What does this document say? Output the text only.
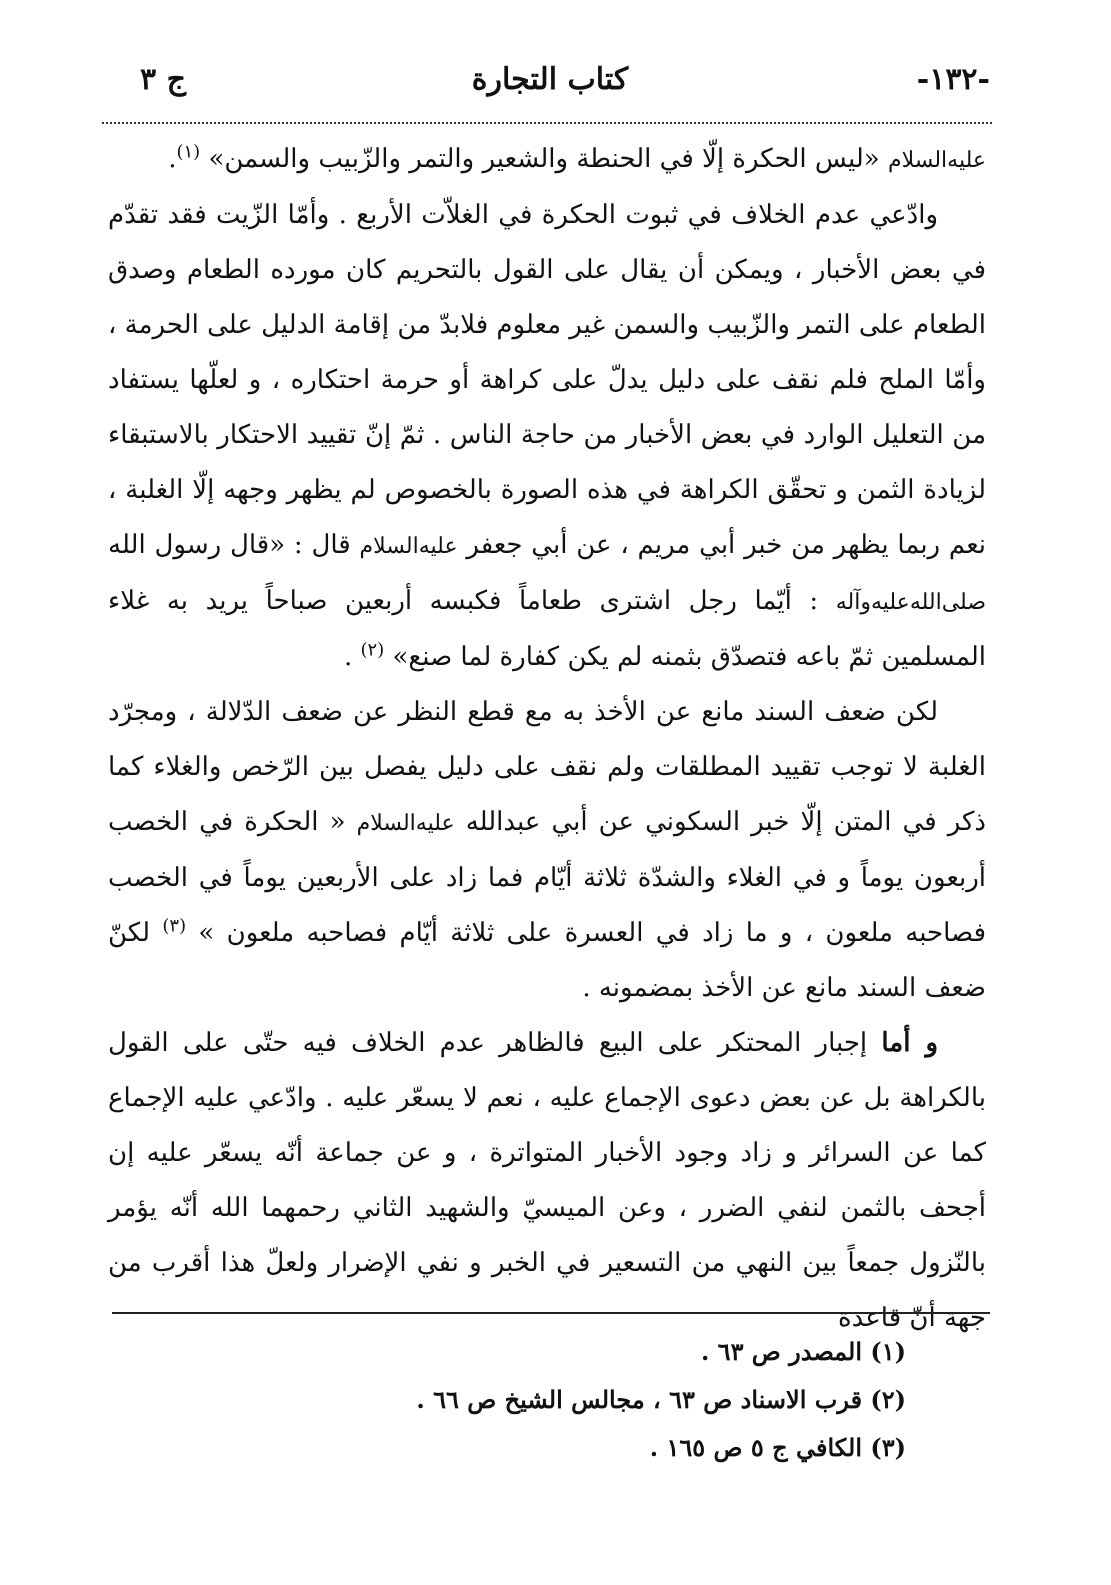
-١٣٢-
كتاب التجارة
ج ٣

عليه‌السلام «ليس الحكرة إلّا في الحنطة والشعير والتمر والزّبيب والسمن» $^{(١)}$.

وادّعي عدم الخلاف في ثبوت الحكرة في الغلاّت الأربع . وأمّا الزّيت فقد تقدّم في بعض الأخبار ، ويمكن أن يقال على القول بالتحريم كان مورده الطعام وصدق الطعام على التمر والزّبيب والسمن غير معلوم فلابدّ من إقامة الدليل على الحرمة ، وأمّا الملح فلم نقف على دليل يدلّ على كراهة أو حرمة احتكاره ، و لعلّها يستفاد من التعليل الوارد في بعض الأخبار من حاجة الناس . ثمّ إنّ تقييد الاحتكار بالاستبقاء لزيادة الثمن و تحقّق الكراهة في هذه الصورة بالخصوص لم يظهر وجهه إلّا الغلبة ، نعم ربما يظهر من خبر أبي مريم ، عن أبي جعفر عليه‌السلام قال : «قال رسول الله صلى‌الله‌عليه‌وآله : أيّما رجل اشترى طعاماً فكبسه أربعين صباحاً يريد به غلاء المسلمين ثمّ باعه فتصدّق بثمنه لم يكن كفارة لما صنع» $^{(٢)}$ .

لكن ضعف السند مانع عن الأخذ به مع قطع النظر عن ضعف الدّلالة ، ومجرّد الغلبة لا توجب تقييد المطلقات ولم نقف على دليل يفصل بين الرّخص والغلاء كما ذكر في المتن إلّا خبر السكوني عن أبي عبدالله عليه‌السلام « الحكرة في الخصب أربعون يوماً و في الغلاء والشدّة ثلاثة أيّام فما زاد على الأربعين يوماً في الخصب فصاحبه ملعون ، و ما زاد في العسرة على ثلاثة أيّام فصاحبه ملعون » $^{(٣)}$ لكنّ ضعف السند مانع عن الأخذ بمضمونه .

و أما إجبار المحتكر على البيع فالظاهر عدم الخلاف فيه حتّى على القول بالكراهة بل عن بعض دعوى الإجماع عليه ، نعم لا يسعّر عليه . وادّعي عليه الإجماع كما عن السرائر و زاد وجود الأخبار المتواترة ، و عن جماعة أنّه يسعّر عليه إن أجحف بالثمن لنفي الضرر ، وعن الميسيّ والشهيد الثاني رحمهما الله أنّه يؤمر بالنّزول جمعاً بين النهي من التسعير في الخبر و نفي الإضرار ولعلّ هذا أقرب من جهة أنّ قاعدة

(١) المصدر ص ٦٣ .
(٢) قرب الاسناد ص ٦٣ ، مجالس الشيخ ص ٦٦ .
(٣) الكافي ج ٥ ص ١٦٥ .
